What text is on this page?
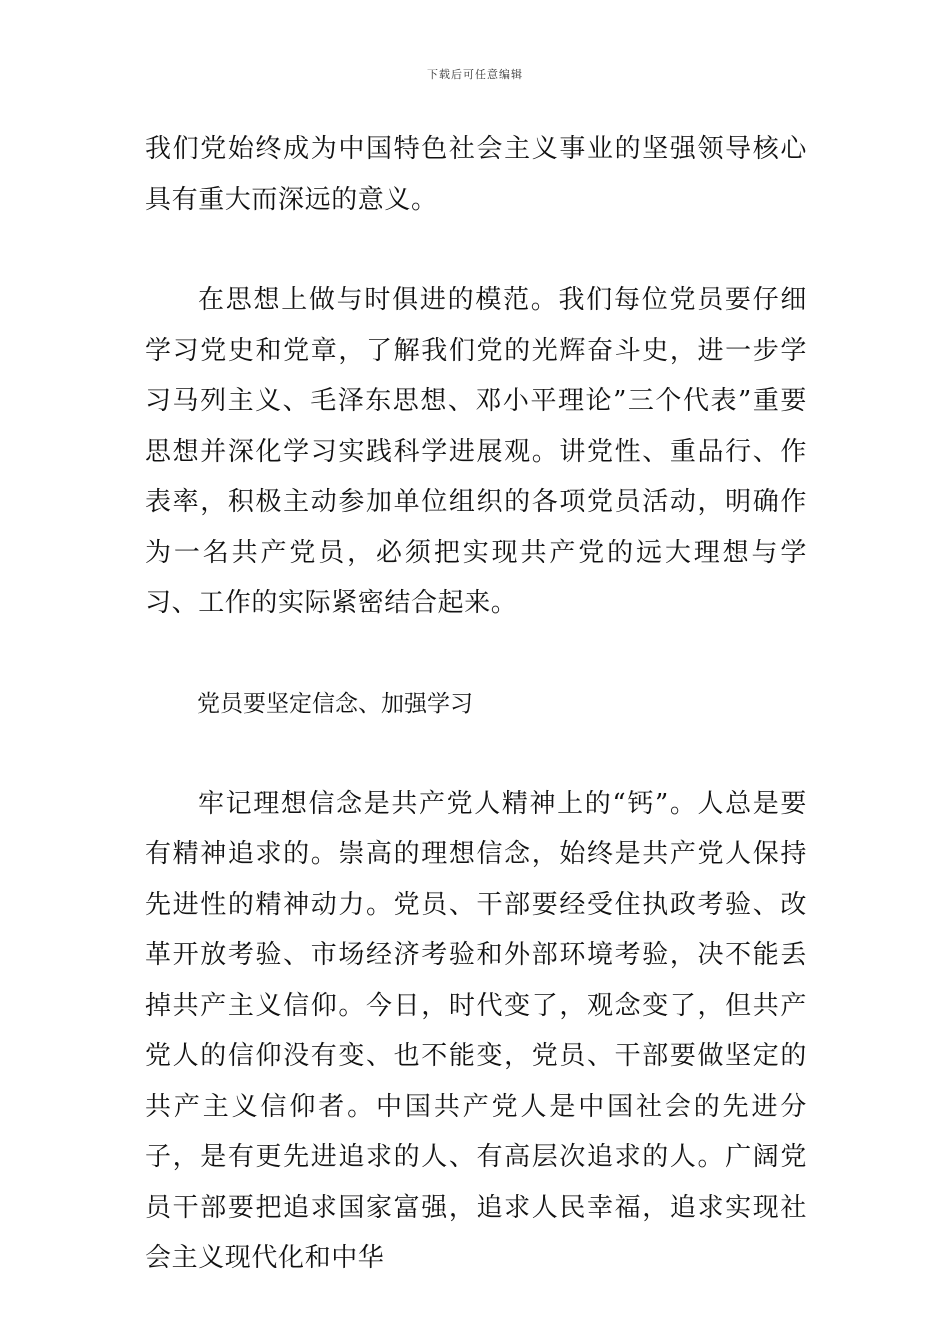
下载后可任意编辑

我们党始终成为中国特色社会主义事业的坚强领导核心具有重大而深远的意义。

在思想上做与时俱进的模范。我们每位党员要仔细学习党史和党章，了解我们党的光辉奋斗史，进一步学习马列主义、毛泽东思想、邓小平理论”三个代表”重要思想并深化学习实践科学进展观。讲党性、重品行、作表率，积极主动参加单位组织的各项党员活动，明确作为一名共产党员，必须把实现共产党的远大理想与学习、工作的实际紧密结合起来。

党员要坚定信念、加强学习

牢记理想信念是共产党人精神上的“钙”。人总是要有精神追求的。崇高的理想信念，始终是共产党人保持先进性的精神动力。党员、干部要经受住执政考验、改革开放考验、市场经济考验和外部环境考验，决不能丢掉共产主义信仰。今日，时代变了，观念变了，但共产党人的信仰没有变、也不能变，党员、干部要做坚定的共产主义信仰者。中国共产党人是中国社会的先进分子，是有更先进追求的人、有高层次追求的人。广阔党员干部要把追求国家富强，追求人民幸福，追求实现社会主义现代化和中华
